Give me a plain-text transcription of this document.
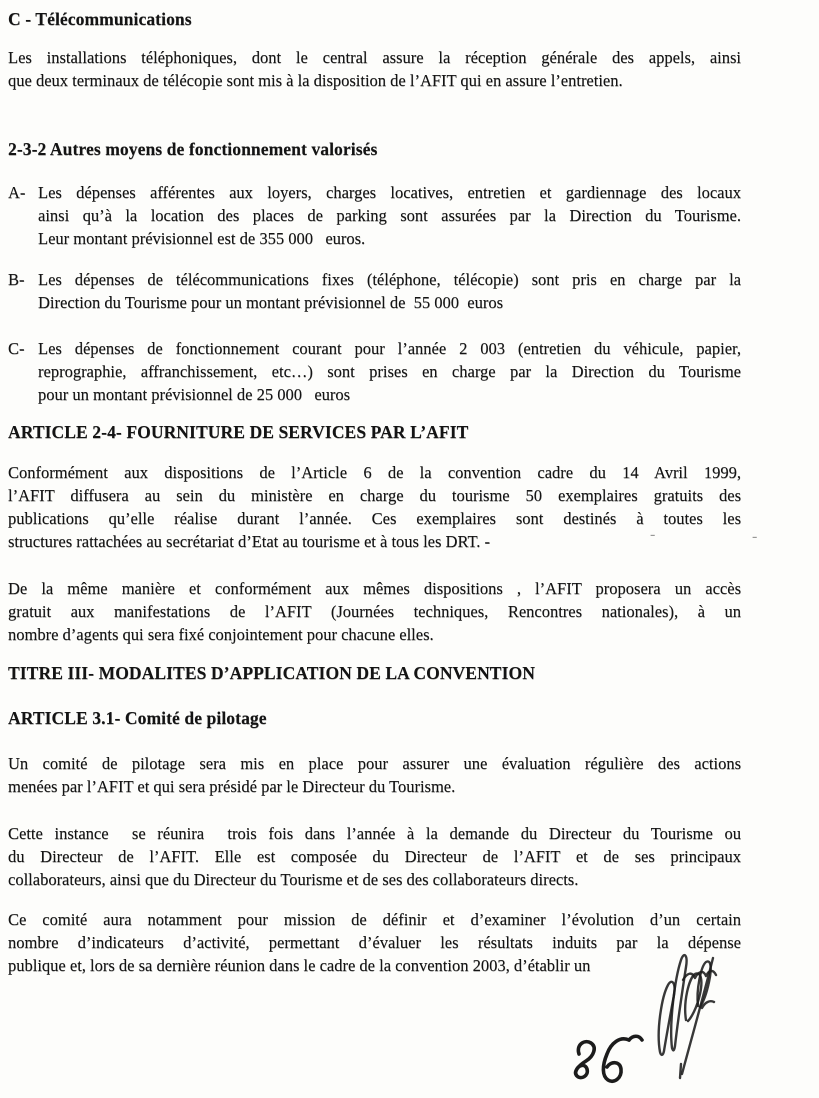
C - Télécommunications
Les installations téléphoniques, dont le central assure la réception générale des appels, ainsi
que deux terminaux de télécopie sont mis à la disposition de l’AFIT qui en assure l’entretien.
2-3-2 Autres moyens de fonctionnement valorisés
A- Les dépenses afférentes aux loyers, charges locatives, entretien et gardiennage des locaux
ainsi qu’à la location des places de parking sont assurées par la Direction du Tourisme.
Leur montant prévisionnel est de 355 000   euros.
B- Les dépenses de télécommunications fixes (téléphone, télécopie) sont pris en charge par la
Direction du Tourisme pour un montant prévisionnel de  55 000  euros
C- Les dépenses de fonctionnement courant pour l’année 2 003 (entretien du véhicule, papier,
reprographie, affranchissement, etc…) sont prises en charge par la Direction du Tourisme
pour un montant prévisionnel de 25 000   euros
ARTICLE 2-4- FOURNITURE DE SERVICES PAR L’AFIT
Conformément aux dispositions de l’Article 6 de la convention cadre du 14 Avril 1999,
l’AFIT diffusera au sein du ministère en charge du tourisme 50 exemplaires gratuits des
publications qu’elle réalise durant l’année. Ces exemplaires sont destinés à toutes les
structures rattachées au secrétariat d’Etat au tourisme et à tous les DRT. -	-	-
De la même manière et conformément aux mêmes dispositions , l’AFIT proposera un accès
gratuit aux manifestations de l’AFIT (Journées techniques, Rencontres nationales), à un
nombre d’agents qui sera fixé conjointement pour chacune elles.
TITRE III- MODALITES D’APPLICATION DE LA CONVENTION
ARTICLE 3.1- Comité de pilotage
Un comité de pilotage sera mis en place pour assurer une évaluation régulière des actions
menées par l’AFIT et qui sera présidé par le Directeur du Tourisme.
Cette instance  se réunira  trois fois dans l’année à la demande du Directeur du Tourisme ou
du Directeur de l’AFIT. Elle est composée du Directeur de l’AFIT et de ses principaux
collaborateurs, ainsi que du Directeur du Tourisme et de ses des collaborateurs directs.
Ce comité aura notamment pour mission de définir et d’examiner l’évolution d’un certain
nombre d’indicateurs d’activité, permettant d’évaluer les résultats induits par la dépense
publique et, lors de sa dernière réunion dans le cadre de la convention 2003, d’établir un
